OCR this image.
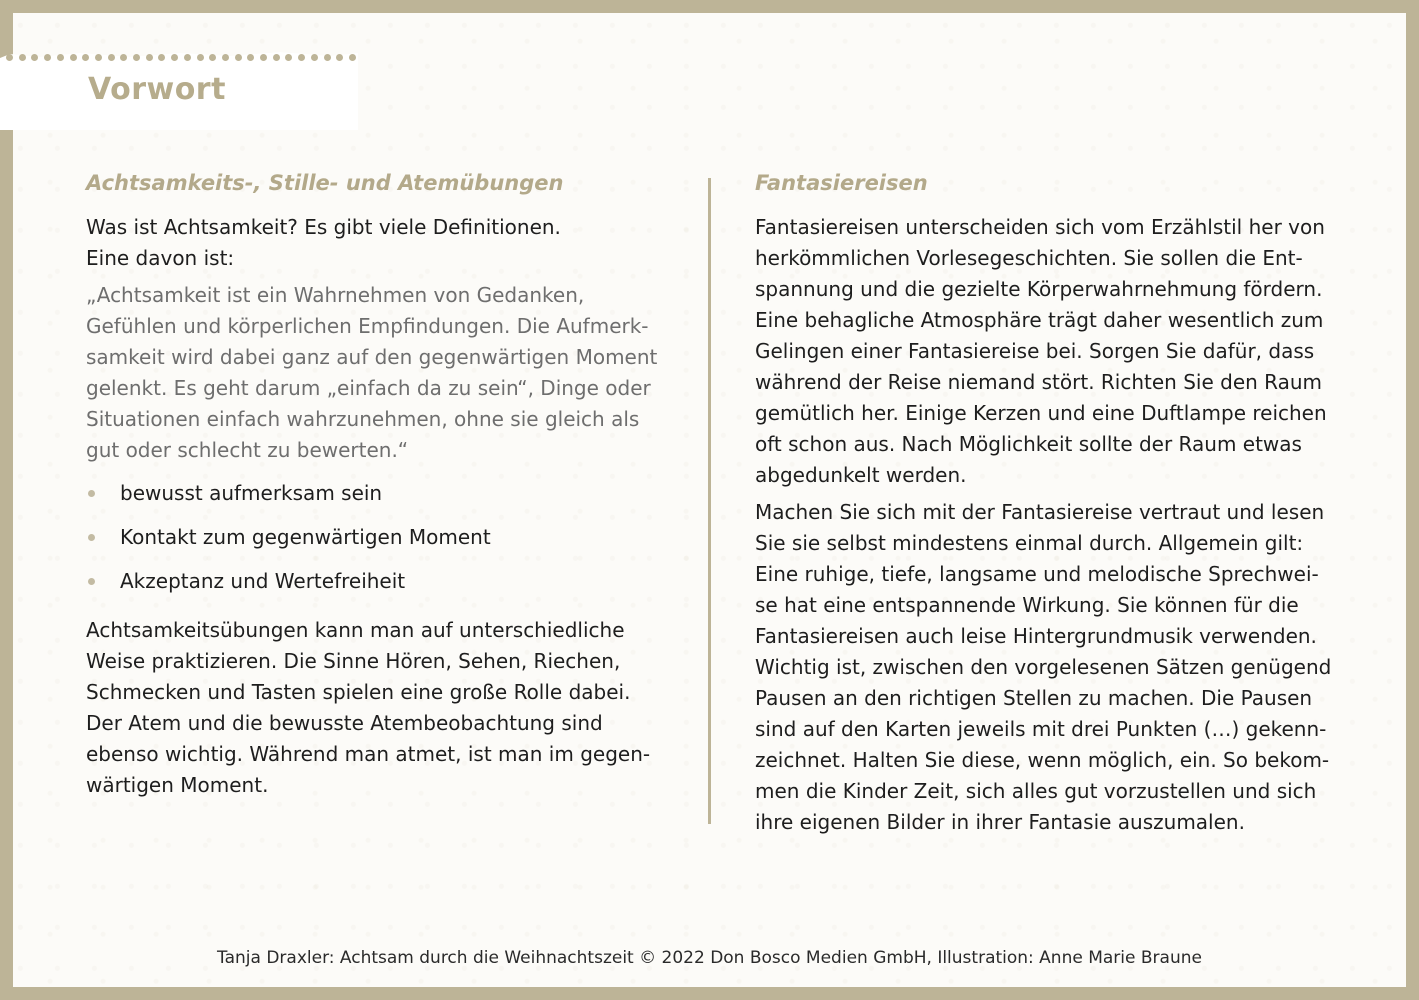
Vorwort
Achtsamkeits-, Stille- und Atemübungen

Was ist Achtsamkeit? Es gibt viele Definitionen.
Eine davon ist:

„Achtsamkeit ist ein Wahrnehmen von Gedanken,
Gefühlen und körperlichen Empfindungen. Die Aufmerk-
samkeit wird dabei ganz auf den gegenwärtigen Moment
gelenkt. Es geht darum „einfach da zu sein“, Dinge oder
Situationen einfach wahrzunehmen, ohne sie gleich als
gut oder schlecht zu bewerten.“

bewusst aufmerksam sein
Kontakt zum gegenwärtigen Moment
Akzeptanz und Wertefreiheit

Achtsamkeitsübungen kann man auf unterschiedliche
Weise praktizieren. Die Sinne Hören, Sehen, Riechen,
Schmecken und Tasten spielen eine große Rolle dabei.
Der Atem und die bewusste Atembeobachtung sind
ebenso wichtig. Während man atmet, ist man im gegen-
wärtigen Moment.

Fantasiereisen

Fantasiereisen unterscheiden sich vom Erzählstil her von
herkömmlichen Vorlesegeschichten. Sie sollen die Ent-
spannung und die gezielte Körperwahrnehmung fördern.
Eine behagliche Atmosphäre trägt daher wesentlich zum
Gelingen einer Fantasiereise bei. Sorgen Sie dafür, dass
während der Reise niemand stört. Richten Sie den Raum
gemütlich her. Einige Kerzen und eine Duftlampe reichen
oft schon aus. Nach Möglichkeit sollte der Raum etwas
abgedunkelt werden.

Machen Sie sich mit der Fantasiereise vertraut und lesen
Sie sie selbst mindestens einmal durch. Allgemein gilt:
Eine ruhige, tiefe, langsame und melodische Sprechwei-
se hat eine entspannende Wirkung. Sie können für die
Fantasiereisen auch leise Hintergrundmusik verwenden.
Wichtig ist, zwischen den vorgelesenen Sätzen genügend
Pausen an den richtigen Stellen zu machen. Die Pausen
sind auf den Karten jeweils mit drei Punkten (…) gekenn-
zeichnet. Halten Sie diese, wenn möglich, ein. So bekom-
men die Kinder Zeit, sich alles gut vorzustellen und sich
ihre eigenen Bilder in ihrer Fantasie auszumalen.

Tanja Draxler: Achtsam durch die Weihnachtszeit © 2022 Don Bosco Medien GmbH, Illustration: Anne Marie Braune
